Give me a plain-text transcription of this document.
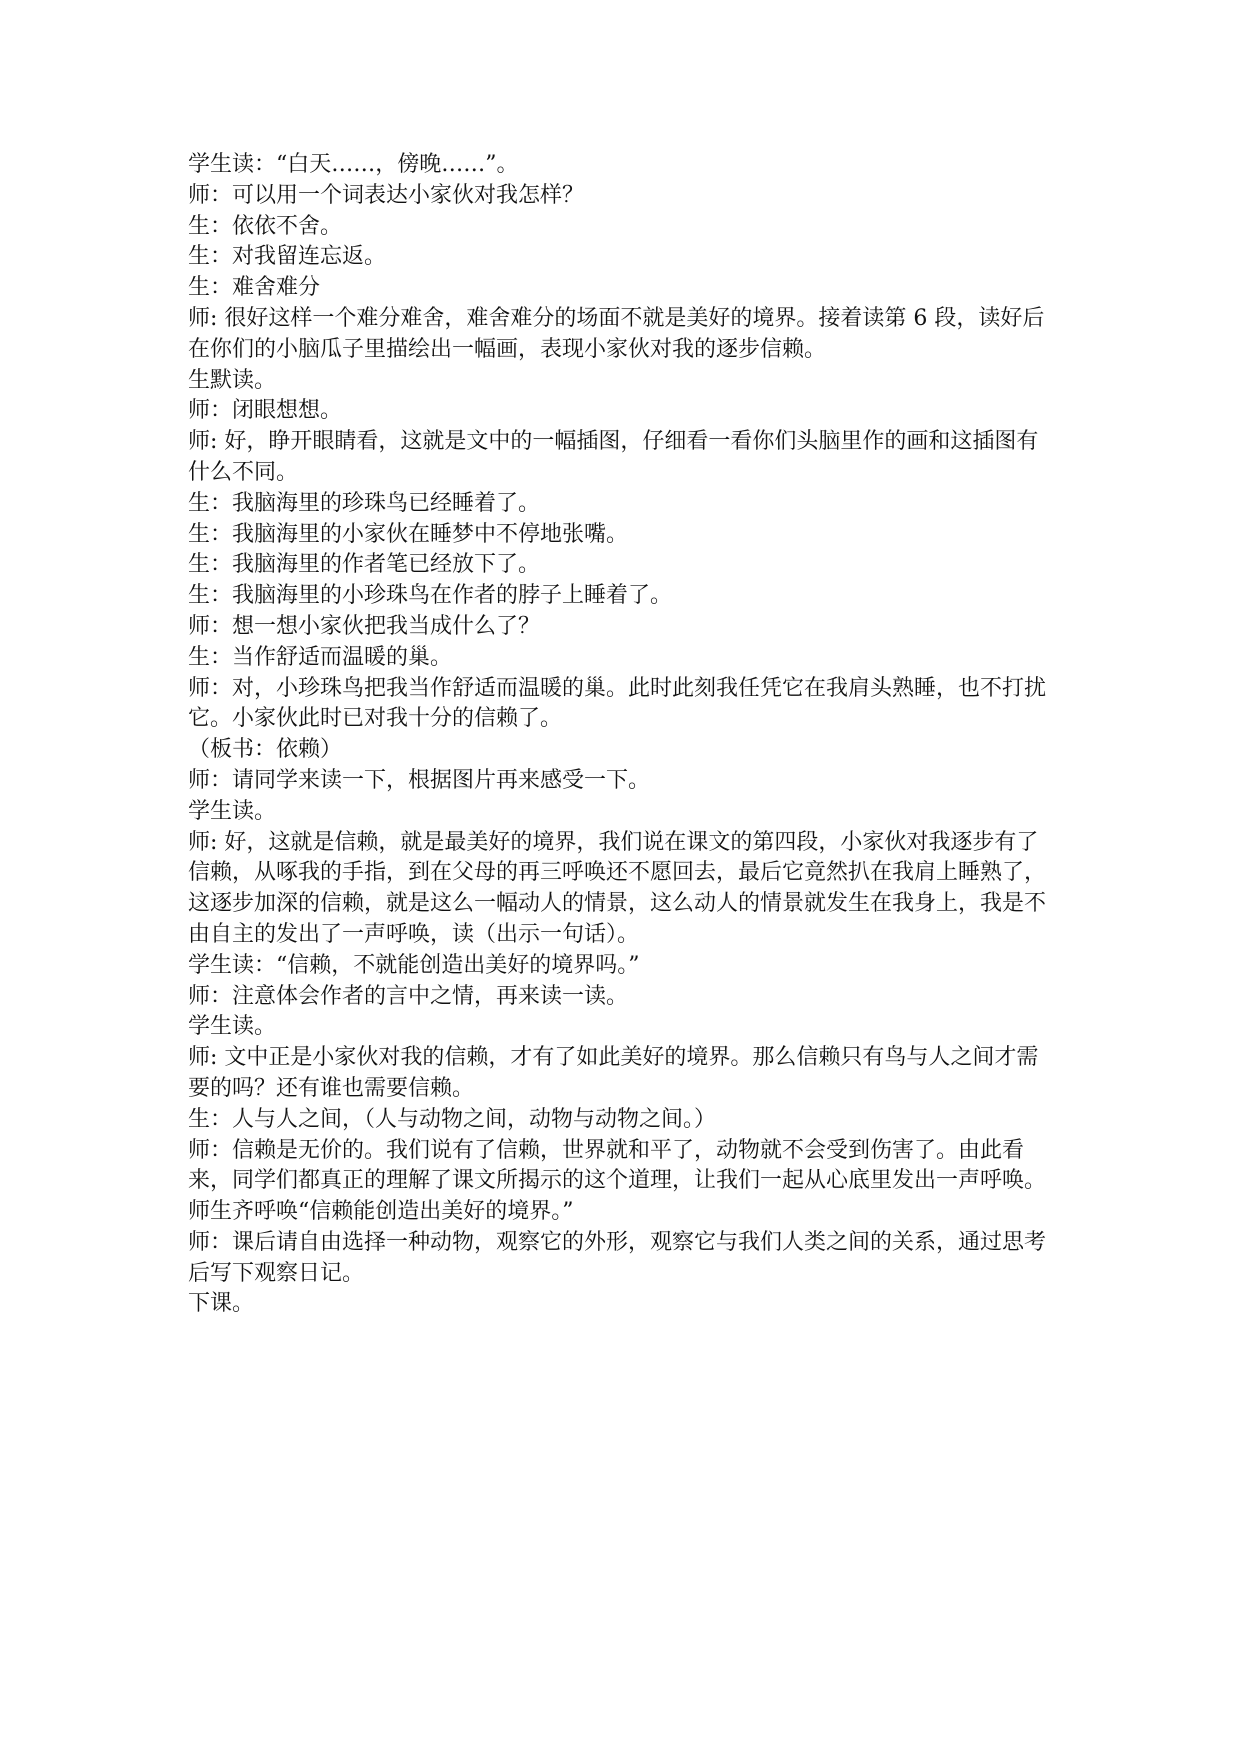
学生读：“白天……，傍晚……”。

师：可以用一个词表达小家伙对我怎样？

生：依依不舍。

生：对我留连忘返。

生：难舍难分

师: 很好这样一个难分难舍，难舍难分的场面不就是美好的境界。接着读第 6 段，读好后在你们的小脑瓜子里描绘出一幅画，表现小家伙对我的逐步信赖。

生默读。

师：闭眼想想。

师: 好，睁开眼睛看，这就是文中的一幅插图，仔细看一看你们头脑里作的画和这插图有什么不同。

生：我脑海里的珍珠鸟已经睡着了。

生：我脑海里的小家伙在睡梦中不停地张嘴。

生：我脑海里的作者笔已经放下了。

生：我脑海里的小珍珠鸟在作者的脖子上睡着了。

师：想一想小家伙把我当成什么了？

生：当作舒适而温暖的巢。

师：对，小珍珠鸟把我当作舒适而温暖的巢。此时此刻我任凭它在我肩头熟睡，也不打扰它。小家伙此时已对我十分的信赖了。

（板书：依赖）

师：请同学来读一下，根据图片再来感受一下。

学生读。

师: 好，这就是信赖，就是最美好的境界，我们说在课文的第四段，小家伙对我逐步有了信赖，从啄我的手指，到在父母的再三呼唤还不愿回去，最后它竟然扒在我肩上睡熟了，这逐步加深的信赖，就是这么一幅动人的情景，这么动人的情景就发生在我身上，我是不由自主的发出了一声呼唤，读（出示一句话）。

学生读：“信赖，不就能创造出美好的境界吗。”

师：注意体会作者的言中之情，再来读一读。

学生读。

师: 文中正是小家伙对我的信赖，才有了如此美好的境界。那么信赖只有鸟与人之间才需要的吗？还有谁也需要信赖。

生：人与人之间，（人与动物之间，动物与动物之间。）

师：信赖是无价的。我们说有了信赖，世界就和平了，动物就不会受到伤害了。由此看来，同学们都真正的理解了课文所揭示的这个道理，让我们一起从心底里发出一声呼唤。

师生齐呼唤“信赖能创造出美好的境界。”

师：课后请自由选择一种动物，观察它的外形，观察它与我们人类之间的关系，通过思考后写下观察日记。

下课。
